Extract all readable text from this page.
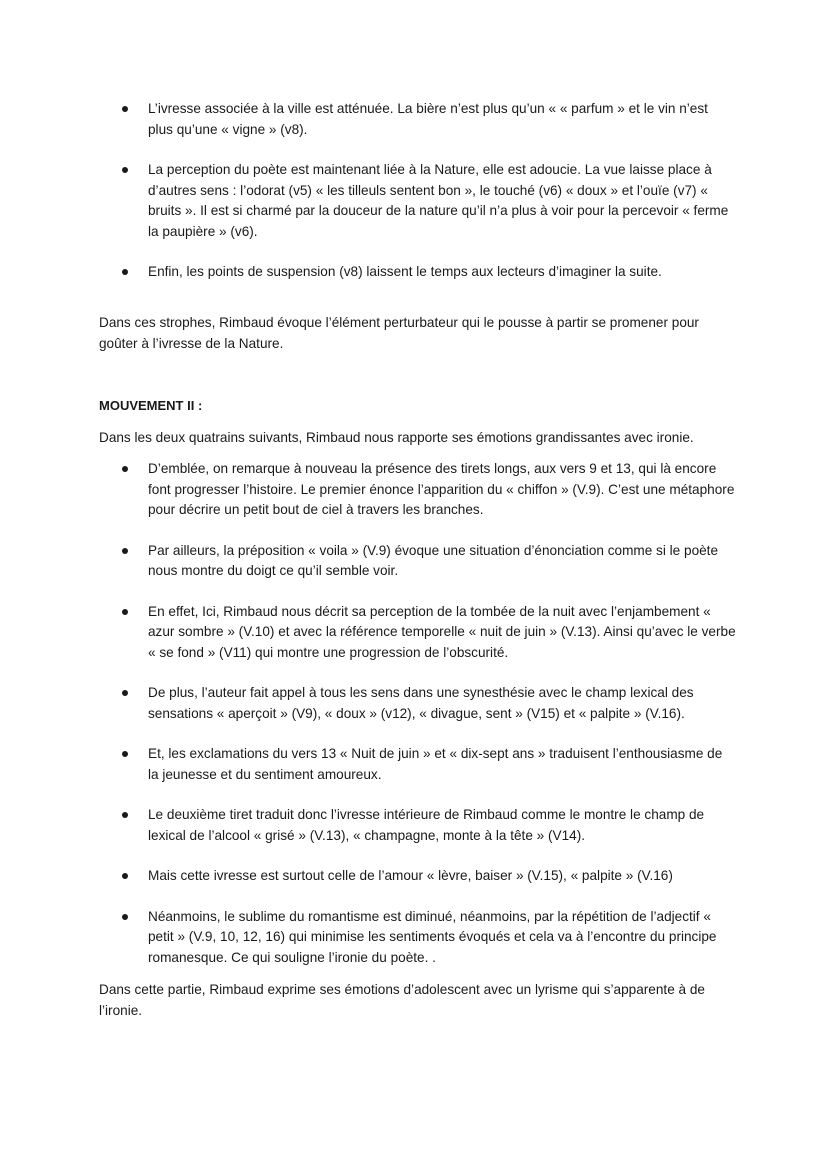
L’ivresse associée à la ville est atténuée. La bière n’est plus qu’un « « parfum » et le vin n’est plus qu’une « vigne » (v8).
La perception du poète est maintenant liée à la Nature, elle est adoucie. La vue laisse place à d’autres sens : l’odorat (v5) « les tilleuls sentent bon », le touché (v6) « doux » et l’ouïe (v7) « bruits ». Il est si charmé par la douceur de la nature qu’il n’a plus à voir pour la percevoir « ferme la paupière » (v6).
Enfin, les points de suspension (v8) laissent le temps aux lecteurs d’imaginer la suite.

Dans ces strophes, Rimbaud évoque l’élément perturbateur qui le pousse à partir se promener pour goûter à l’ivresse de la Nature.

MOUVEMENT II :

Dans les deux quatrains suivants, Rimbaud nous rapporte ses émotions grandissantes avec ironie.

D’emblée, on remarque à nouveau la présence des tirets longs, aux vers 9 et 13, qui là encore font progresser l’histoire. Le premier énonce l’apparition du « chiffon » (V.9). C’est une métaphore pour décrire un petit bout de ciel à travers les branches.
Par ailleurs, la préposition « voila » (V.9) évoque une situation d’énonciation comme si le poète nous montre du doigt ce qu’il semble voir.
En effet, Ici, Rimbaud nous décrit sa perception de la tombée de la nuit avec l’enjambement « azur sombre » (V.10) et avec la référence temporelle « nuit de juin » (V.13). Ainsi qu’avec le verbe « se fond » (V11) qui montre une progression de l’obscurité.
De plus, l’auteur fait appel à tous les sens dans une synesthésie avec le champ lexical des sensations « aperçoit » (V9), « doux » (v12), « divague, sent » (V15) et « palpite » (V.16).
Et, les exclamations du vers 13 « Nuit de juin » et « dix-sept ans » traduisent l’enthousiasme de la jeunesse et du sentiment amoureux.
Le deuxième tiret traduit donc l’ivresse intérieure de Rimbaud comme le montre le champ de lexical de l’alcool « grisé » (V.13), « champagne, monte à la tête » (V14).
Mais cette ivresse est surtout celle de l’amour « lèvre, baiser » (V.15), « palpite » (V.16)
Néanmoins, le sublime du romantisme est diminué, néanmoins, par la répétition de l’adjectif « petit » (V.9, 10, 12, 16) qui minimise les sentiments évoqués et cela va à l’encontre du principe romanesque. Ce qui souligne l’ironie du poète. .

Dans cette partie, Rimbaud exprime ses émotions d’adolescent avec un lyrisme qui s’apparente à de l’ironie.
